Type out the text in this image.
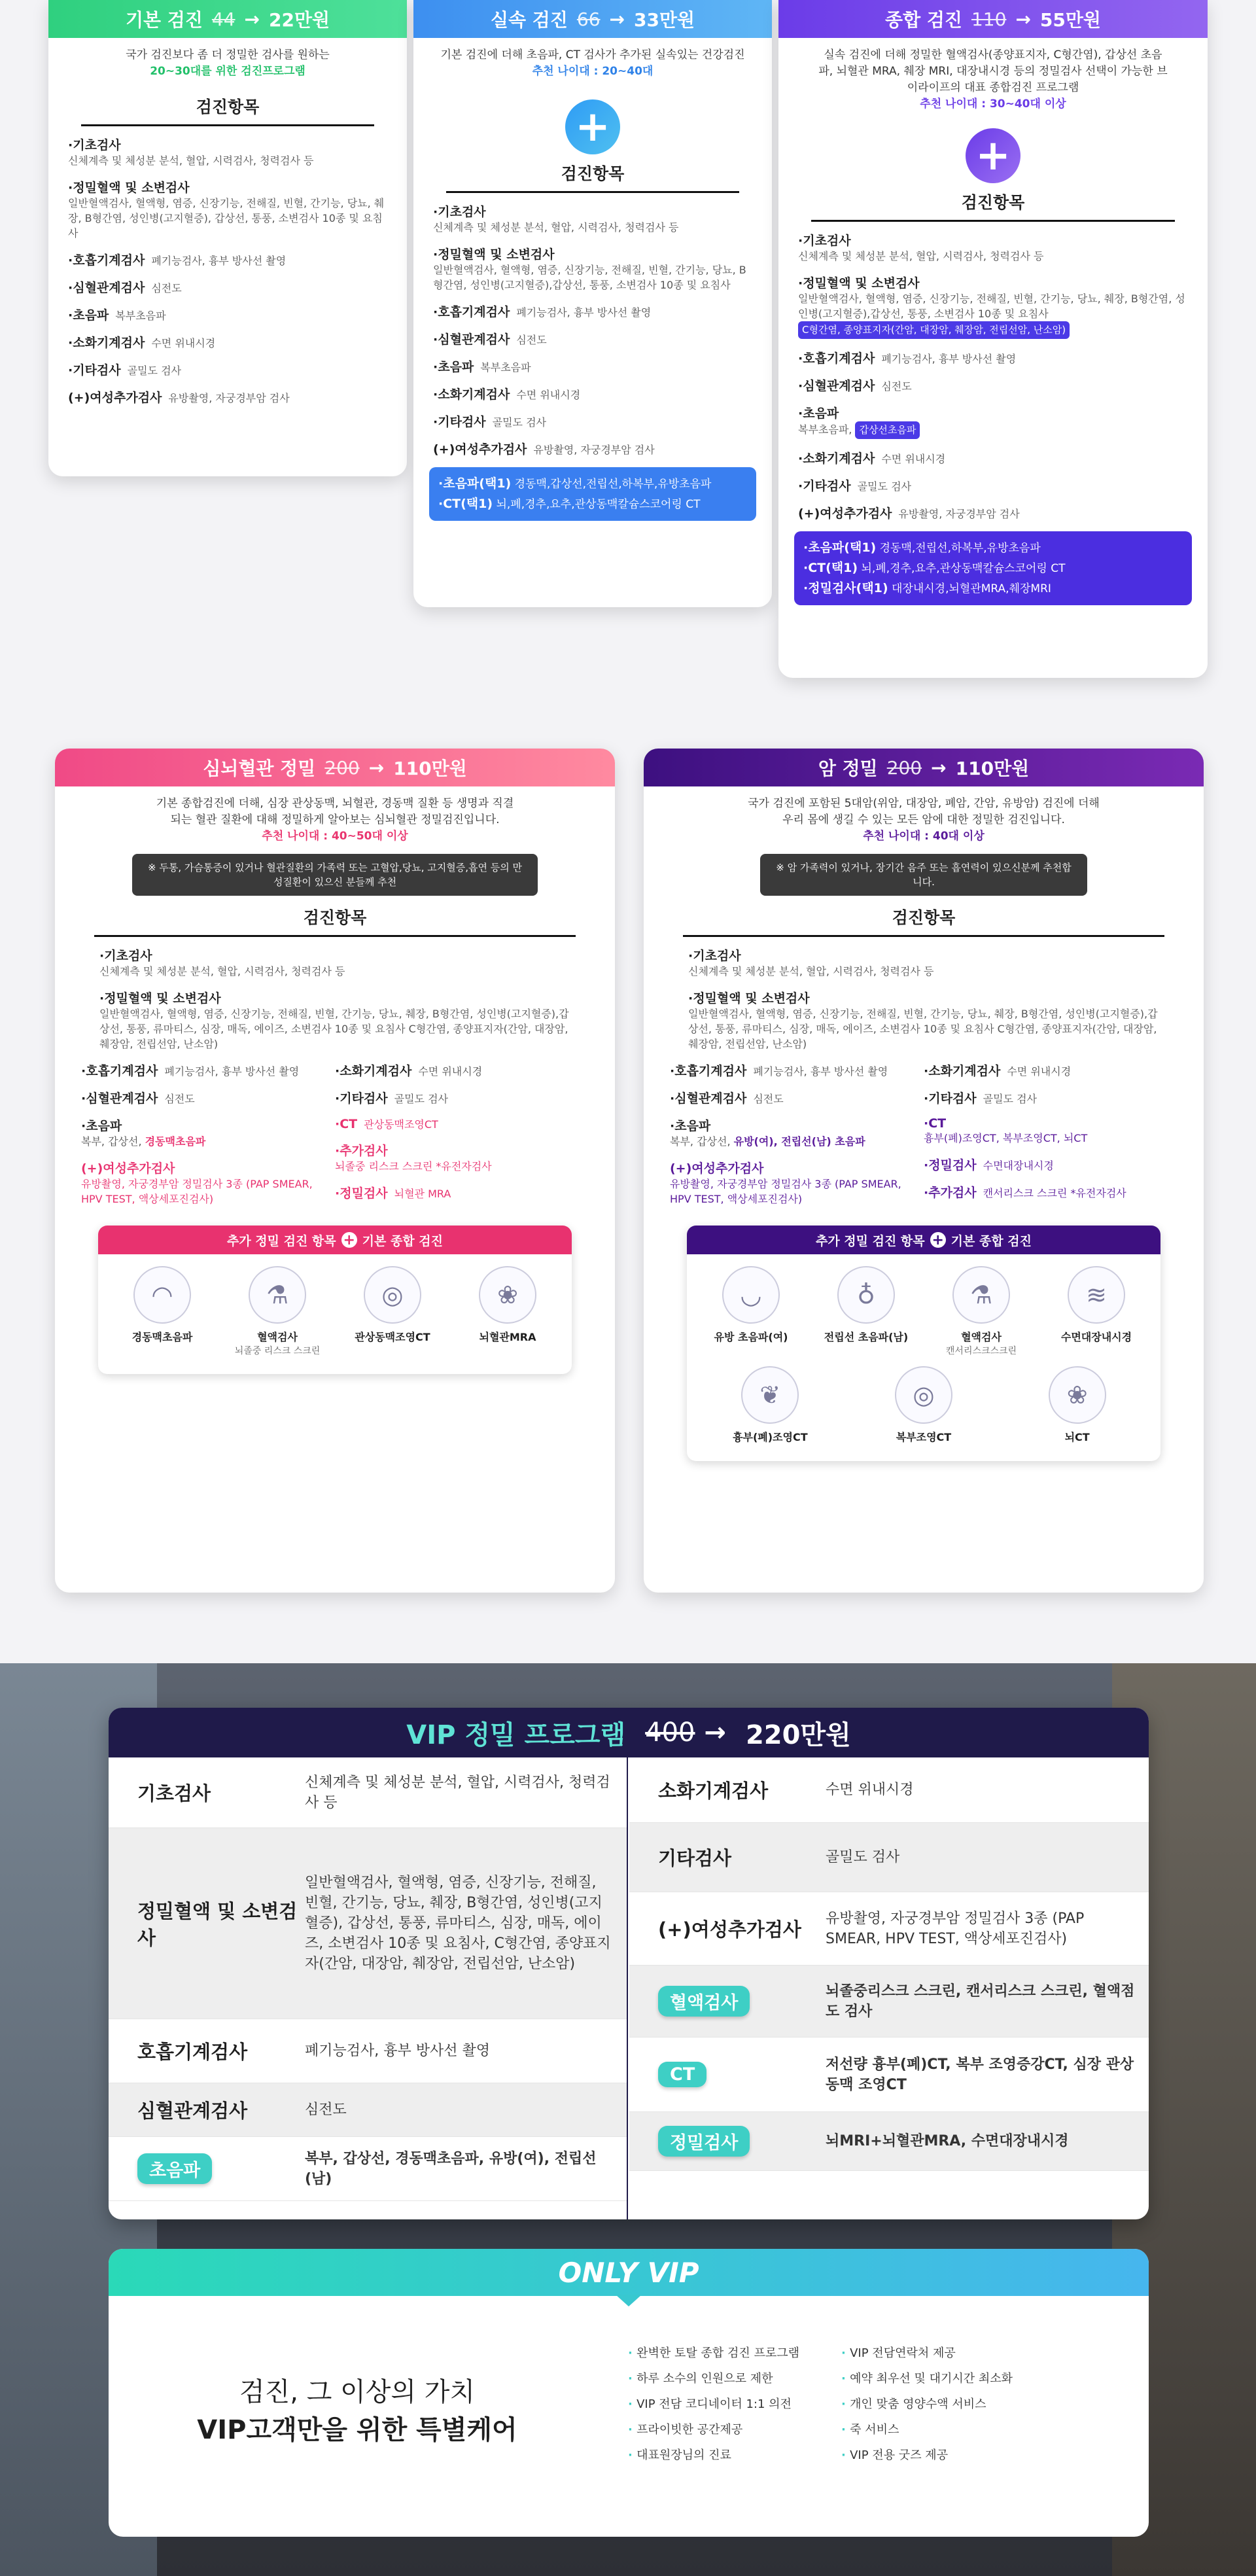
기본 검진 44 → 22만원
국가 검진보다 좀 더 정밀한 검사를 원하는
20~30대를 위한 검진프로그램
검진항목
·기초검사
신체계측 및 체성분 분석, 혈압, 시력검사, 청력검사 등
·정밀혈액 및 소변검사
일반혈액검사, 혈액형, 염증, 신장기능, 전해질, 빈혈, 간기능, 당뇨, 췌장, B형간염, 성인병(고지혈증), 갑상선, 통풍, 소변검사 10종 및 요침사
·호흡기계검사 폐기능검사, 흉부 방사선 촬영
·심혈관계검사 심전도
·초음파 복부초음파
·소화기계검사 수면 위내시경
·기타검사 골밀도 검사
(+)여성추가검사 유방촬영, 자궁경부암 검사
실속 검진 66 → 33만원
기본 검진에 더해 초음파, CT 검사가 추가된 실속있는 건강검진
추천 나이대 : 20~40대
+
검진항목
·기초검사
신체계측 및 체성분 분석, 혈압, 시력검사, 청력검사 등
·정밀혈액 및 소변검사
일반혈액검사, 혈액형, 염증, 신장기능, 전해질, 빈혈, 간기능, 당뇨, B형간염, 성인병(고지혈증),갑상선, 통풍, 소변검사 10종 및 요침사
·호흡기계검사 폐기능검사, 흉부 방사선 촬영
·심혈관계검사 심전도
·초음파 복부초음파
·소화기계검사 수면 위내시경
·기타검사 골밀도 검사
(+)여성추가검사 유방촬영, 자궁경부암 검사
·초음파(택1) 경동맥,갑상선,전립선,하복부,유방초음파
·CT(택1) 뇌,폐,경추,요추,관상동맥칼슘스코어링 CT
종합 검진 110 → 55만원
실속 검진에 더해 정밀한 혈액검사(종양표지자, C형간염), 갑상선 초음파, 뇌혈관 MRA, 췌장 MRI, 대장내시경 등의 정밀검사 선택이 가능한 브이라이프의 대표 종합검진 프로그램
추천 나이대 : 30~40대 이상
+
검진항목
·기초검사
신체계측 및 체성분 분석, 혈압, 시력검사, 청력검사 등
·정밀혈액 및 소변검사
일반혈액검사, 혈액형, 염증, 신장기능, 전해질, 빈혈, 간기능, 당뇨, 췌장, B형간염, 성인병(고지혈증),갑상선, 통풍, 소변검사 10종 및 요침사 C형간염, 종양표지자(간암, 대장암, 췌장암, 전립선암, 난소암)
·호흡기계검사 폐기능검사, 흉부 방사선 촬영
·심혈관계검사 심전도
·초음파
복부초음파, 갑상선초음파
·소화기계검사 수면 위내시경
·기타검사 골밀도 검사
(+)여성추가검사 유방촬영, 자궁경부암 검사
·초음파(택1) 경동맥,전립선,하복부,유방초음파
·CT(택1) 뇌,폐,경추,요추,관상동맥칼슘스코어링 CT
·정밀검사(택1) 대장내시경,뇌혈관MRA,췌장MRI
심뇌혈관 정밀 200 → 110만원
기본 종합검진에 더해, 심장 관상동맥, 뇌혈관, 경동맥 질환 등 생명과 직결되는 혈관 질환에 대해 정밀하게 알아보는 심뇌혈관 정밀검진입니다.
추천 나이대 : 40~50대 이상
※ 두통, 가슴통증이 있거나 혈관질환의 가족력 또는 고혈압,당뇨, 고지혈증,흡연 등의 만성질환이 있으신 분들께 추천
검진항목
·기초검사
신체계측 및 체성분 분석, 혈압, 시력검사, 청력검사 등
·정밀혈액 및 소변검사
일반혈액검사, 혈액형, 염증, 신장기능, 전해질, 빈혈, 간기능, 당뇨, 췌장, B형간염, 성인병(고지혈증),갑상선, 통풍, 류마티스, 심장, 매독, 에이즈, 소변검사 10종 및 요침사 C형간염, 종양표지자(간암, 대장암, 췌장암, 전립선암, 난소암)
·호흡기계검사 폐기능검사, 흉부 방사선 촬영
·심혈관계검사 심전도
·초음파
복부, 갑상선, 경동맥초음파
(+)여성추가검사
유방촬영, 자궁경부암 정밀검사 3종 (PAP SMEAR, HPV TEST, 액상세포진검사)
·소화기계검사 수면 위내시경
·기타검사 골밀도 검사
·CT 관상동맥조영CT
·추가검사
뇌졸중 리스크 스크린 *유전자검사
·정밀검사 뇌혈관 MRA
추가 정밀 검진 항목 + 기본 종합 검진
◠
경동맥초음파
⚗
혈액검사
뇌졸중 리스크 스크린
◎
관상동맥조영CT
❀
뇌혈관MRA
암 정밀 200 → 110만원
국가 검진에 포함된 5대암(위암, 대장암, 폐암, 간암, 유방암) 검진에 더해 우리 몸에 생길 수 있는 모든 암에 대한 정밀한 검진입니다.
추천 나이대 : 40대 이상
※ 암 가족력이 있거나, 장기간 음주 또는 흡연력이 있으신분께 추천합니다.
검진항목
·기초검사
신체계측 및 체성분 분석, 혈압, 시력검사, 청력검사 등
·정밀혈액 및 소변검사
일반혈액검사, 혈액형, 염증, 신장기능, 전해질, 빈혈, 간기능, 당뇨, 췌장, B형간염, 성인병(고지혈증),갑상선, 통풍, 류마티스, 심장, 매독, 에이즈, 소변검사 10종 및 요침사 C형간염, 종양표지자(간암, 대장암, 췌장암, 전립선암, 난소암)
·호흡기계검사 폐기능검사, 흉부 방사선 촬영
·심혈관계검사 심전도
·초음파
복부, 갑상선, 유방(여), 전립선(남) 초음파
(+)여성추가검사
유방촬영, 자궁경부암 정밀검사 3종 (PAP SMEAR, HPV TEST, 액상세포진검사)
·소화기계검사 수면 위내시경
·기타검사 골밀도 검사
·CT
흉부(폐)조영CT, 복부조영CT, 뇌CT
·정밀검사 수면대장내시경
·추가검사 캔서리스크 스크린 *유전자검사
추가 정밀 검진 항목 + 기본 종합 검진
◡
유방 초음파(여)
♁
전립선 초음파(남)
⚗
혈액검사
캔서리스크스크린
≋
수면대장내시경
❦
흉부(폐)조영CT
◎
복부조영CT
❀
뇌CT
VIP 정밀 프로그램 400 → 220만원
기초검사	신체계측 및 체성분 분석, 혈압, 시력검사, 청력검사 등
정밀혈액 및 소변검사
일반혈액검사, 혈액형, 염증, 신장기능, 전해질, 빈혈, 간기능, 당뇨, 췌장, B형간염, 성인병(고지혈증), 갑상선, 통풍, 류마티스, 심장, 매독, 에이즈, 소변검사 10종 및 요침사, C형간염, 종양표지자(간암, 대장암, 췌장암, 전립선암, 난소암)
호흡기계검사	폐기능검사, 흉부 방사선 촬영
심혈관계검사	심전도
초음파
복부, 갑상선, 경동맥초음파, 유방(여), 전립선(남)
소화기계검사	수면 위내시경
기타검사	골밀도 검사
(+)여성추가검사	유방촬영, 자궁경부암 정밀검사 3종 (PAP SMEAR, HPV TEST, 액상세포진검사)
혈액검사
뇌졸중리스크 스크린, 캔서리스크 스크린, 혈액점도 검사
CT	저선량 흉부(폐)CT, 복부 조영증강CT, 심장 관상동맥 조영CT
정밀검사	뇌MRI+뇌혈관MRA, 수면대장내시경
ONLY VIP
검진, 그 이상의 가치
VIP고객만을 위한 특별케어
· 완벽한 토탈 종합 검진 프로그램
· 하루 소수의 인원으로 제한
· VIP 전담 코디네이터 1:1 의전
· 프라이빗한 공간제공
· 대표원장님의 진료
· VIP 전담연락처 제공
· 예약 최우선 및 대기시간 최소화
· 개인 맞춤 영양수액 서비스
· 죽 서비스
· VIP 전용 굿즈 제공
